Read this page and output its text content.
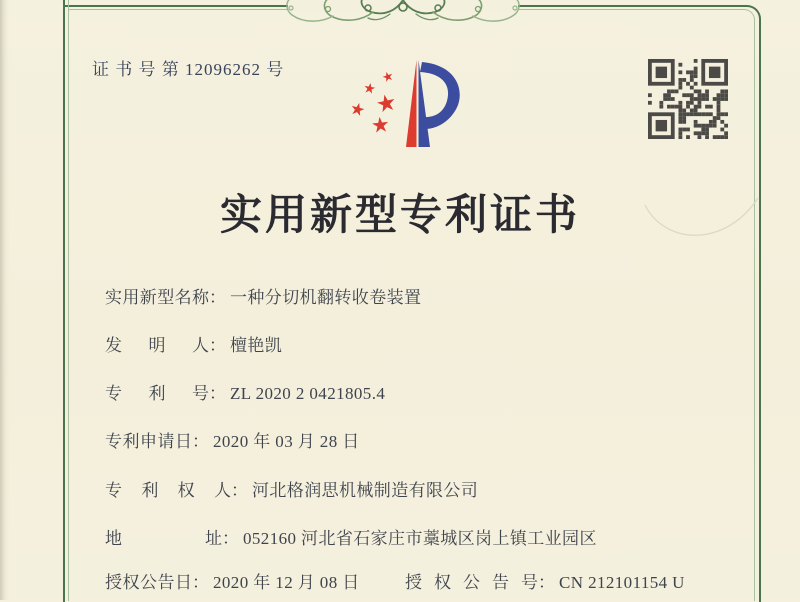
证 书 号 第 12096262 号	★
★
★
★
★
实用新型专利证书
实用新型名称： 一种分切机翻转收卷装置
发明人： 檀艳凯
专利号： ZL 2020 2 0421805.4
专利申请日： 2020 年 03 月 28 日
专利权人： 河北格润思机械制造有限公司
地址： 052160 河北省石家庄市藁城区岗上镇工业园区
授权公告日： 2020 年 12 月 08 日	授权公告号： CN 212101154 U
